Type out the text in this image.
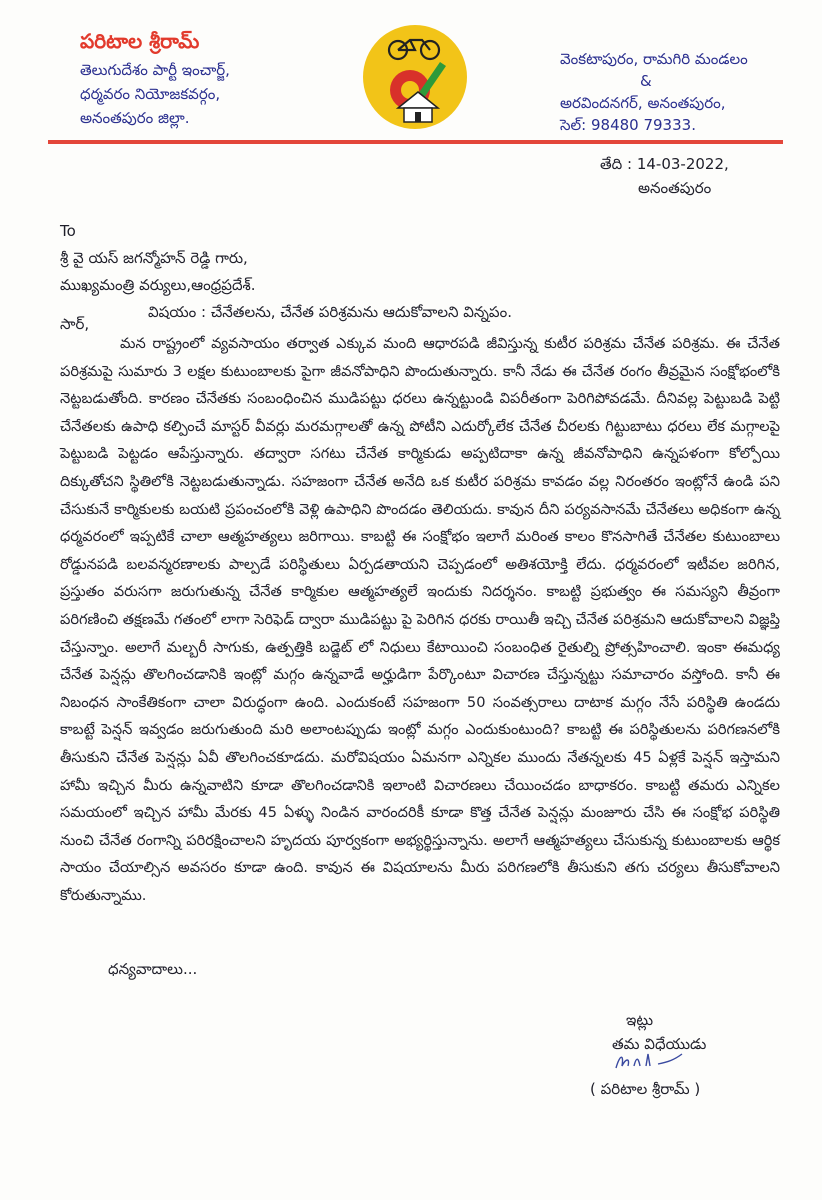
పరిటాల శ్రీరామ్
తెలుగుదేశం పార్టీ ఇంచార్జ్,
ధర్మవరం నియోజకవర్గం,
అనంతపురం జిల్లా.
వెంకటాపురం, రామగిరి మండలం
&
అరవిందనగర్, అనంతపురం,
సెల్: 98480 79333.
తేది : 14-03-2022,
అనంతపురం
To
శ్రీ వై యస్ జగన్మోహన్ రెడ్డి గారు,
ముఖ్యమంత్రి వర్యులు,ఆంధ్రప్రదేశ్.
విషయం : చేనేతలను, చేనేత పరిశ్రమను ఆదుకోవాలని విన్నపం.
సార్,

మన రాష్ట్రంలో వ్యవసాయం తర్వాత ఎక్కువ మంది ఆధారపడి జీవిస్తున్న కుటీర పరిశ్రమ చేనేత పరిశ్రమ. ఈ చేనేత పరిశ్రమపై సుమారు 3 లక్షల కుటుంబాలకు పైగా జీవనోపాధిని పొందుతున్నారు. కానీ నేడు ఈ చేనేత రంగం తీవ్రమైన సంక్షోభంలోకి నెట్టబడుతోంది. కారణం చేనేతకు సంబంధించిన ముడిపట్టు ధరలు ఉన్నట్టుండి విపరీతంగా పెరిగిపోవడమే. దీనివల్ల పెట్టుబడి పెట్టి చేనేతలకు ఉపాధి కల్పించే మాస్టర్ వీవర్లు మరమగ్గాలతో ఉన్న పోటీని ఎదుర్కోలేక చేనేత చీరలకు గిట్టుబాటు ధరలు లేక మగ్గాలపై పెట్టుబడి పెట్టడం ఆపేస్తున్నారు. తద్వారా సగటు చేనేత కార్మికుడు అప్పటిదాకా ఉన్న జీవనోపాధిని ఉన్నపళంగా కోల్పోయి దిక్కుతోచని స్థితిలోకి నెట్టబడుతున్నాడు. సహజంగా చేనేత అనేది ఒక కుటీర పరిశ్రమ కావడం వల్ల నిరంతరం ఇంట్లోనే ఉండి పని చేసుకునే కార్మికులకు బయటి ప్రపంచంలోకి వెళ్లి ఉపాధిని పొందడం తెలియదు. కావున దీని పర్యవసానమే చేనేతలు అధికంగా ఉన్న ధర్మవరంలో ఇప్పటికే చాలా ఆత్మహత్యలు జరిగాయి. కాబట్టి ఈ సంక్షోభం ఇలాగే మరింత కాలం కొనసాగితే చేనేతల కుటుంబాలు రోడ్డునపడి బలవన్మరణాలకు పాల్పడే పరిస్థితులు ఏర్పడతాయని చెప్పడంలో అతిశయోక్తి లేదు. ధర్మవరంలో ఇటీవల జరిగిన, ప్రస్తుతం వరుసగా జరుగుతున్న చేనేత కార్మికుల ఆత్మహత్యలే ఇందుకు నిదర్శనం. కాబట్టి ప్రభుత్వం ఈ సమస్యని తీవ్రంగా పరిగణించి తక్షణమే గతంలో లాగా సెరిఫెడ్ ద్వారా ముడిపట్టు పై పెరిగిన ధరకు రాయితీ ఇచ్చి చేనేత పరిశ్రమని ఆదుకోవాలని విజ్ఞప్తి చేస్తున్నాం. అలాగే మల్బరీ సాగుకు, ఉత్పత్తికి బడ్జెట్ లో నిధులు కేటాయించి సంబంధిత రైతుల్ని ప్రోత్సహించాలి. ఇంకా ఈమధ్య చేనేత పెన్షన్లు తొలగించడానికి ఇంట్లో మగ్గం ఉన్నవాడే అర్హుడిగా పేర్కొంటూ విచారణ చేస్తున్నట్టు సమాచారం వస్తోంది. కానీ ఈ నిబంధన సాంకేతికంగా చాలా విరుద్ధంగా ఉంది. ఎందుకంటే సహజంగా 50 సంవత్సరాలు దాటాక మగ్గం నేసే పరిస్థితి ఉండదు కాబట్టే పెన్షన్ ఇవ్వడం జరుగుతుంది మరి అలాంటప్పుడు ఇంట్లో మగ్గం ఎందుకుంటుంది? కాబట్టి ఈ పరిస్థితులను పరిగణనలోకి తీసుకుని చేనేత పెన్షన్లు ఏవీ తొలగించకూడదు. మరోవిషయం ఏమనగా ఎన్నికల ముందు నేతన్నలకు 45 ఏళ్లకే పెన్షన్ ఇస్తామని హామీ ఇచ్చిన మీరు ఉన్నవాటిని కూడా తొలగించడానికి ఇలాంటి విచారణలు చేయించడం బాధాకరం. కాబట్టి తమరు ఎన్నికల సమయంలో ఇచ్చిన హామీ మేరకు 45 ఏళ్ళు నిండిన వారందరికీ కూడా కొత్త చేనేత పెన్షన్లు మంజూరు చేసి ఈ సంక్షోభ పరిస్థితి నుంచి చేనేత రంగాన్ని పరిరక్షించాలని హృదయ పూర్వకంగా అభ్యర్థిస్తున్నాను. అలాగే ఆత్మహత్యలు చేసుకున్న కుటుంబాలకు ఆర్థిక సాయం చేయాల్సిన అవసరం కూడా ఉంది. కావున ఈ విషయాలను మీరు పరిగణలోకి తీసుకుని తగు చర్యలు తీసుకోవాలని కోరుతున్నాము.

ధన్యవాదాలు...
ఇట్లు
తమ విధేయుడు
( పరిటాల శ్రీరామ్ )
